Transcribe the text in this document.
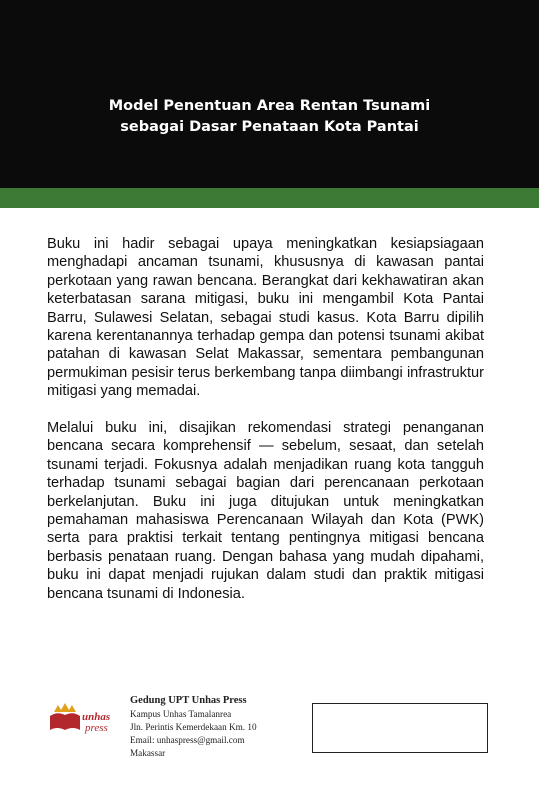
Model Penentuan Area Rentan Tsunami
sebagai Dasar Penataan Kota Pantai

Buku ini hadir sebagai upaya meningkatkan kesiapsiagaan menghadapi ancaman tsunami, khususnya di kawasan pantai perkotaan yang rawan bencana. Berangkat dari kekhawatiran akan keterbatasan sarana mitigasi, buku ini mengambil Kota Pantai Barru, Sulawesi Selatan, sebagai studi kasus. Kota Barru dipilih karena kerentanannya terhadap gempa dan potensi tsunami akibat patahan di kawasan Selat Makassar, sementara pembangunan permukiman pesisir terus berkembang tanpa diimbangi infrastruktur mitigasi yang memadai.

Melalui buku ini, disajikan rekomendasi strategi penanganan bencana secara komprehensif — sebelum, sesaat, dan setelah tsunami terjadi. Fokusnya adalah menjadikan ruang kota tangguh terhadap tsunami sebagai bagian dari perencanaan perkotaan berkelanjutan. Buku ini juga ditujukan untuk meningkatkan pemahaman mahasiswa Perencanaan Wilayah dan Kota (PWK) serta para praktisi terkait tentang pentingnya mitigasi bencana berbasis penataan ruang. Dengan bahasa yang mudah dipahami, buku ini dapat menjadi rujukan dalam studi dan praktik mitigasi bencana tsunami di Indonesia.

unhas
press
Gedung UPT Unhas Press
Kampus Unhas Tamalanrea
Jln. Perintis Kemerdekaan Km. 10
Email: unhaspress@gmail.com
Makassar
